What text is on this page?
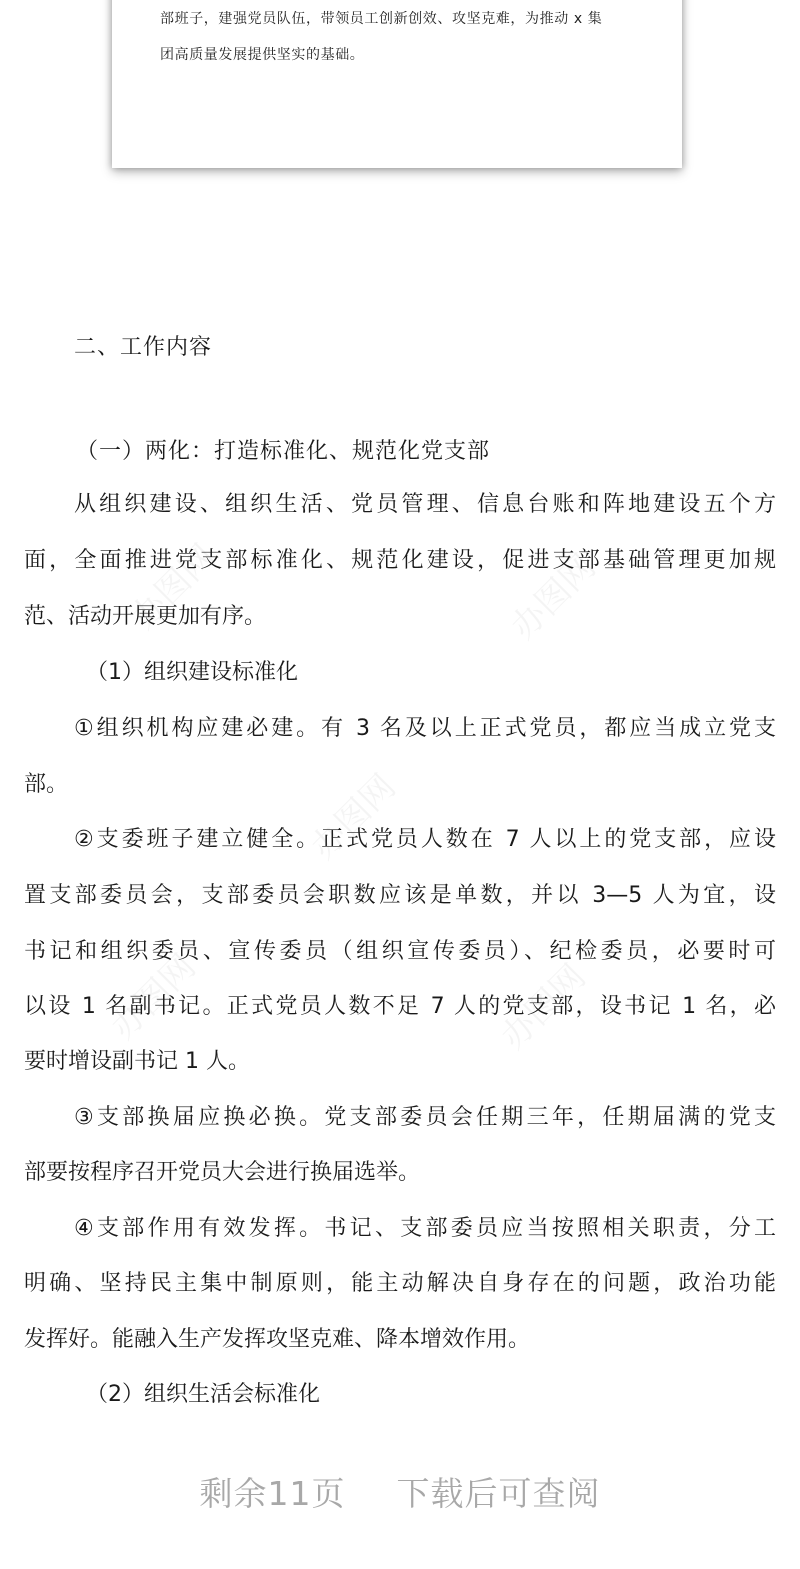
部班子，建强党员队伍，带领员工创新创效、攻坚克难，为推动 x 集
团高质量发展提供坚实的基础。
二、工作内容
（一）两化：打造标准化、规范化党支部
从组织建设、组织生活、党员管理、信息台账和阵地建设五个方
面，全面推进党支部标准化、规范化建设，促进支部基础管理更加规
范、活动开展更加有序。
（1）组织建设标准化
①组织机构应建必建。有 3 名及以上正式党员，都应当成立党支
部。
②支委班子建立健全。正式党员人数在 7 人以上的党支部，应设
置支部委员会，支部委员会职数应该是单数，并以 3—5 人为宜，设
书记和组织委员、宣传委员（组织宣传委员）、纪检委员，必要时可
以设 1 名副书记。正式党员人数不足 7 人的党支部，设书记 1 名，必
要时增设副书记 1 人。
③支部换届应换必换。党支部委员会任期三年，任期届满的党支
部要按程序召开党员大会进行换届选举。
④支部作用有效发挥。书记、支部委员应当按照相关职责，分工
明确、坚持民主集中制原则，能主动解决自身存在的问题，政治功能
发挥好。能融入生产发挥攻坚克难、降本增效作用。
（2）组织生活会标准化
剩余11页  下载后可查阅
